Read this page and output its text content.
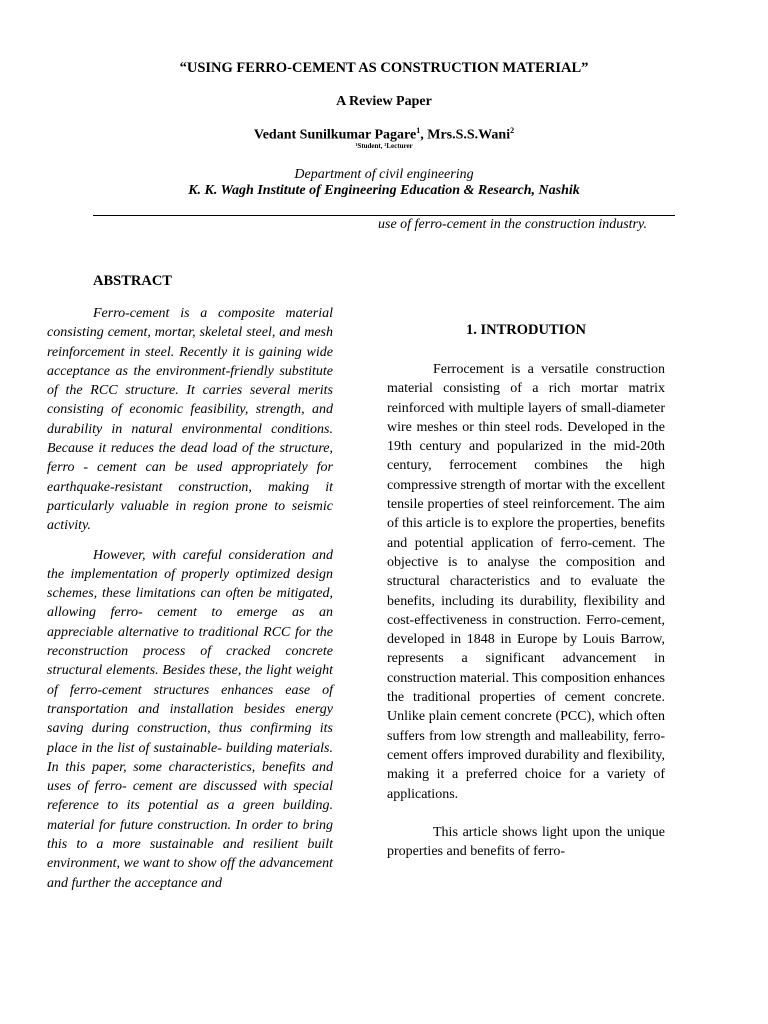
“USING FERRO-CEMENT AS CONSTRUCTION MATERIAL”
A Review Paper
Vedant Sunilkumar Pagare$^1$, Mrs.S.S.Wani$^2$
¹Student, ²Lecturer
Department of civil engineering
K. K. Wagh Institute of Engineering Education & Research, Nashik
ABSTRACT

Ferro-cement is a composite material consisting cement, mortar, skeletal steel, and mesh reinforcement in steel. Recently it is gaining wide acceptance as the environment-friendly substitute of the RCC structure. It carries several merits consisting of economic feasibility, strength, and durability in natural environmental conditions. Because it reduces the dead load of the structure, ferro - cement can be used appropriately for earthquake-resistant construction, making it particularly valuable in region prone to seismic activity.

However, with careful consideration and the implementation of properly optimized design schemes, these limitations can often be mitigated, allowing ferro- cement to emerge as an appreciable alternative to traditional RCC for the reconstruction process of cracked concrete structural elements. Besides these, the light weight of ferro-cement structures enhances ease of transportation and installation besides energy saving during construction, thus confirming its place in the list of sustainable- building materials. In this paper, some characteristics, benefits and uses of ferro- cement are discussed with special reference to its potential as a green building. material for future construction. In order to bring this to a more sustainable and resilient built environment, we want to show off the advancement and further the acceptance and

use of ferro-cement in the construction industry.
1. INTRODUTION

Ferrocement is a versatile construction material consisting of a rich mortar matrix reinforced with multiple layers of small-diameter wire meshes or thin steel rods. Developed in the 19th century and popularized in the mid-20th century, ferrocement combines the high compressive strength of mortar with the excellent tensile properties of steel reinforcement. The aim of this article is to explore the properties, benefits and potential application of ferro-cement. The objective is to analyse the composition and structural characteristics and to evaluate the benefits, including its durability, flexibility and cost-effectiveness in construction. Ferro-cement, developed in 1848 in Europe by Louis Barrow, represents a significant advancement in construction material. This composition enhances the traditional properties of cement concrete. Unlike plain cement concrete (PCC), which often suffers from low strength and malleability, ferro-cement offers improved durability and flexibility, making it a preferred choice for a variety of applications.

This article shows light upon the unique properties and benefits of ferro-
